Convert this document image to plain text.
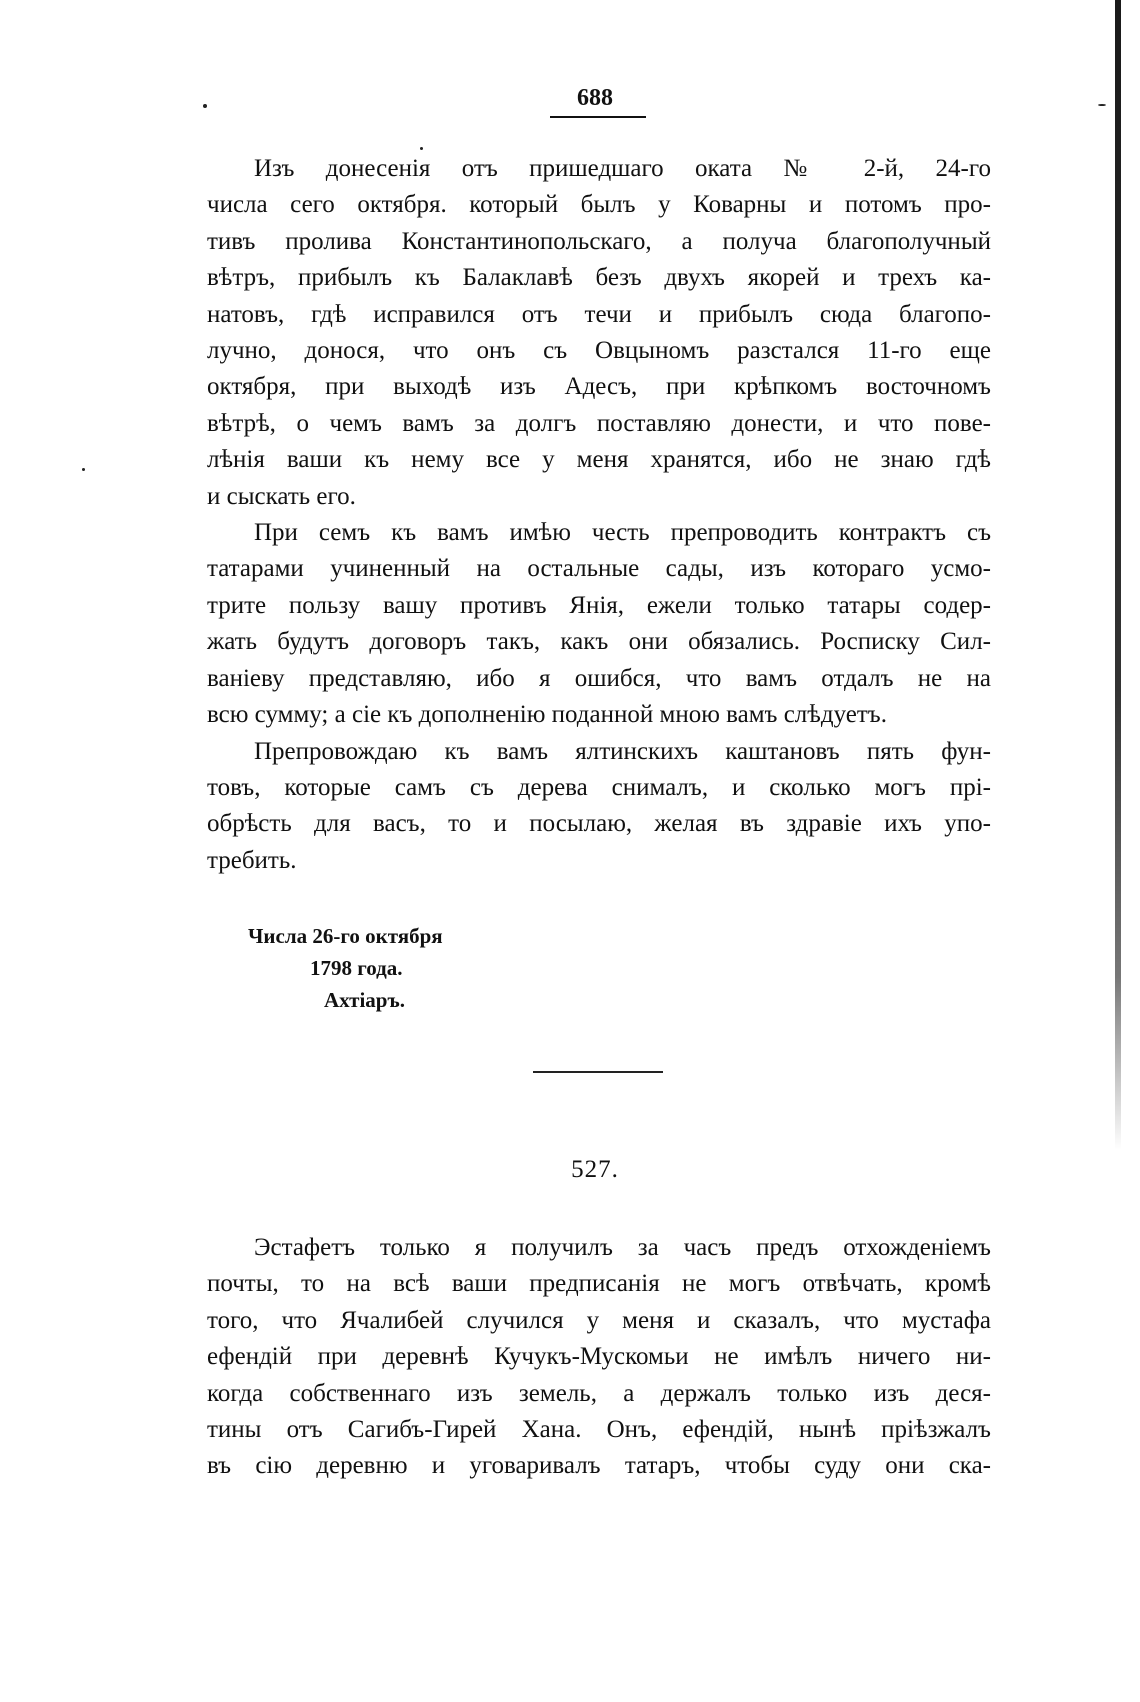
688
Изъ донесенія отъ пришедшаго оката № 2-й, 24-го
числа сего октября. который былъ у Коварны и потомъ про-
тивъ пролива Константинопольскаго, а получа благополучный
вѣтръ, прибылъ къ Балаклавѣ безъ двухъ якорей и трехъ ка-
натовъ, гдѣ исправился отъ течи и прибылъ сюда благопо-
лучно, донося, что онъ съ Овцыномъ разстался 11-го еще
октября, при выходѣ изъ Адесъ, при крѣпкомъ восточномъ
вѣтрѣ, о чемъ вамъ за долгъ поставляю донести, и что пове-
лѣнія ваши къ нему все у меня хранятся, ибо не знаю гдѣ
и сыскать его.
При семъ къ вамъ имѣю честь препроводить контрактъ съ
татарами учиненный на остальные сады, изъ котораго усмо-
трите пользу вашу противъ Янія, ежели только татары содер-
жать будутъ договоръ такъ, какъ они обязались. Росписку Сил-
ваніеву представляю, ибо я ошибся, что вамъ отдалъ не на
всю сумму; а сіе къ дополненію поданной мною вамъ слѣдуетъ.
Препровождаю къ вамъ ялтинскихъ каштановъ пять фун-
товъ, которые самъ съ дерева снималъ, и сколько могъ прі-
обрѣсть для васъ, то и посылаю, желая въ здравіе ихъ упо-
требить.
Числа 26-го октября
1798 года.
Ахтіаръ.
527.
Эстафетъ только я получилъ за часъ предъ отхожденіемъ
почты, то на всѣ ваши предписанія не могъ отвѣчать, кромѣ
того, что Ячалибей случился у меня и сказалъ, что мустафа
ефендій при деревнѣ Кучукъ-Мускомьи не имѣлъ ничего ни-
когда собственнаго изъ земель, а держалъ только изъ деся-
тины отъ Сагибъ-Гирей Хана. Онъ, ефендій, нынѣ пріѣзжалъ
въ сію деревню и уговаривалъ татаръ, чтобы суду они ска-
